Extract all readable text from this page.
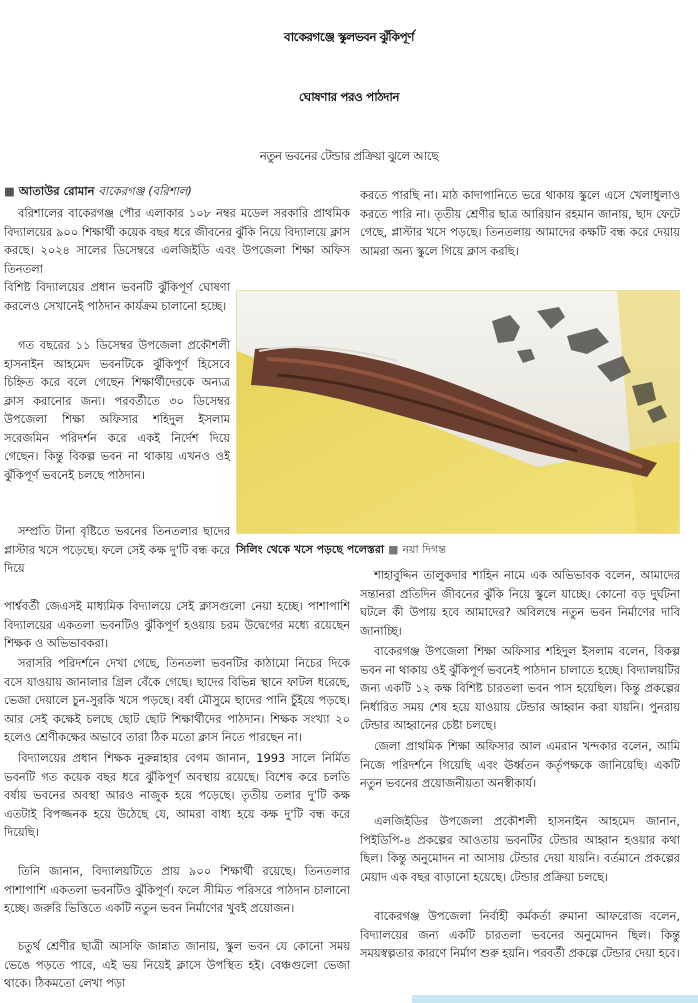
বাকেরগঞ্জে স্কুলভবন ঝুঁকিপূর্ণ
ঘোষণার পরও পাঠদান
নতুন ভবনের টেন্ডার প্রক্রিয়া ঝুলে আছে
■ আতাউর রোমান বাকেরগঞ্জ (বরিশাল)
বরিশালের বাকেরগঞ্জ পৌর এলাকার ১০৮ নম্বর মডেল সরকারি প্রাথমিক বিদ্যালয়ের ৯০০ শিক্ষার্থী কয়েক বছর ধরে জীবনের ঝুঁকি নিয়ে বিদ্যালয়ে ক্লাস করছে। ২০২৪ সালের ডিসেম্বরে এলজিইডি এবং উপজেলা শিক্ষা অফিস তিনতলা
বিশিষ্ট বিদ্যালয়ের প্রধান ভবনটি ঝুঁকিপূর্ণ ঘোষণা করলেও সেখানেই পাঠদান কার্যক্রম চালানো হচ্ছে।
গত বছরের ১১ ডিসেম্বর উপজেলা প্রকৌশলী হাসনাইন আহমেদ ভবনটিকে ঝুঁকিপূর্ণ হিসেবে চিহ্নিত করে বলে গেছেন শিক্ষার্থীদেরকে অন্যত্র ক্লাস করানোর জন্য। পরবর্তীতে ৩০ ডিসেম্বর উপজেলা শিক্ষা অফিসার শহিদুল ইসলাম সরেজমিন পরিদর্শন করে একই নির্দেশ দিয়ে গেছেন। কিন্তু বিকল্প ভবন না থাকায় এখনও ওই ঝুঁকিপূর্ণ ভবনেই চলছে পাঠদান।
সম্প্রতি টানা বৃষ্টিতে ভবনের তিনতলার ছাদের প্লাস্টার খসে পড়েছে। ফলে সেই কক্ষ দু'টি বন্ধ করে দিয়ে
পার্শ্ববর্তী জেএসই মাধ্যমিক বিদ্যালয়ে সেই ক্লাসগুলো নেয়া হচ্ছে। পাশাপাশি বিদ্যালয়ের একতলা ভবনটিও ঝুঁকিপূর্ণ হওয়ায় চরম উদ্বেগের মধ্যে রয়েছেন শিক্ষক ও অভিভাবকরা।
সরাসরি পরিদর্শনে দেখা গেছে, তিনতলা ভবনটির কাঠামো নিচের দিকে বসে যাওয়ায় জানালার গ্রিল বেঁকে গেছে। ছাদের বিভিন্ন স্থানে ফাটল ধরেছে, ভেজা দেয়ালে চুন-সুরকি খসে পড়ছে। বর্ষা মৌসুমে ছাদের পানি চুঁইয়ে পড়ছে। আর সেই কক্ষেই চলছে ছোট ছোট শিক্ষার্থীদের পাঠদান। শিক্ষক সংখ্যা ২০ হলেও শ্রেণীকক্ষের অভাবে তারা ঠিক মতো ক্লাস নিতে পারছেন না।
বিদ্যালয়ের প্রধান শিক্ষক নুরুন্নাহার বেগম জানান, 1993 সালে নির্মিত ভবনটি গত কয়েক বছর ধরে ঝুঁকিপূর্ণ অবস্থায় রয়েছে। বিশেষ করে চলতি বর্ষায় ভবনের অবস্থা আরও নাজুক হয়ে পড়েছে। তৃতীয় তলার দু'টি কক্ষ এতটাই বিপজ্জনক হয়ে উঠেছে যে, আমরা বাধ্য হয়ে কক্ষ দু'টি বন্ধ করে দিয়েছি।
তিনি জানান, বিদ্যালয়টিতে প্রায় ৯০০ শিক্ষার্থী রয়েছে। তিনতলার পাশাপাশি একতলা ভবনটিও ঝুঁকিপূর্ণ। ফলে সীমিত পরিসরে পাঠদান চালানো হচ্ছে। জরুরি ভিত্তিতে একটি নতুন ভবন নির্মাণের খুবই প্রয়োজন।
চতুর্থ শ্রেণীর ছাত্রী আসফি জান্নাত জানায়, স্কুল ভবন যে কোনো সময় ভেঙে পড়তে পারে, এই ভয় নিয়েই ক্লাসে উপস্থিত হই। বেঞ্চগুলো ভেজা থাকে। ঠিকমতো লেখা পড়া
করতে পারছি না। মাঠ কাদাপানিতে ভরে থাকায় স্কুলে এসে খেলাধুলাও করতে পারি না। তৃতীয় শ্রেণীর ছাত্র আরিয়ান রহমান জানায়, ছাদ ফেটে গেছে, প্লাস্টার খসে পড়ছে। তিনতলায় আমাদের কক্ষটি বন্ধ করে দেয়ায় আমরা অন্য স্কুলে গিয়ে ক্লাস করছি।
সিলিং থেকে খসে পড়ছে পলেস্তরা ■ নয়া দিগন্ত
শাহাবুদ্দিন তালুকদার শাহিন নামে এক অভিভাবক বলেন, আমাদের সন্তানরা প্রতিদিন জীবনের ঝুঁকি নিয়ে স্কুলে যাচ্ছে। কোনো বড় দুর্ঘটনা ঘটলে কী উপায় হবে আমাদের? অবিলম্বে নতুন ভবন নির্মাণের দাবি জানাচ্ছি।
বাকেরগঞ্জ উপজেলা শিক্ষা অফিসার শহিদুল ইসলাম বলেন, বিকল্প ভবন না থাকায় ওই ঝুঁকিপূর্ণ ভবনেই পাঠদান চালাতে হচ্ছে। বিদ্যালয়টির জন্য একটি ১২ কক্ষ বিশিষ্ট চারতলা ভবন পাস হয়েছিল। কিন্তু প্রকল্পের নির্ধারিত সময় শেষ হয়ে যাওয়ায় টেন্ডার আহ্বান করা যায়নি। পুনরায় টেন্ডার আহ্বানের চেষ্টা চলছে।
জেলা প্রাথমিক শিক্ষা অফিসার আল এমরান খন্দকার বলেন, আমি নিজে পরিদর্শনে গিয়েছি এবং ঊর্ধ্বতন কর্তৃপক্ষকে জানিয়েছি। একটি নতুন ভবনের প্রয়োজনীয়তা অনস্বীকার্য।
এলজিইডির উপজেলা প্রকৌশলী হাসনাইন আহমেদ জানান, পিইডিপি-৪ প্রকল্পের আওতায় ভবনটির টেন্ডার আহ্বান হওয়ার কথা ছিল। কিন্তু অনুমোদন না আসায় টেন্ডার দেয়া যায়নি। বর্তমানে প্রকল্পের মেয়াদ এক বছর বাড়ানো হয়েছে। টেন্ডার প্রক্রিয়া চলছে।
বাকেরগঞ্জ উপজেলা নির্বাহী কর্মকর্তা রুমানা আফরোজ বলেন, বিদ্যালয়ের জন্য একটি চারতলা ভবনের অনুমোদন ছিল। কিন্তু সময়স্বল্পতার কারণে নির্মাণ শুরু হয়নি। পরবর্তী প্রকল্পে টেন্ডার দেয়া হবে।
